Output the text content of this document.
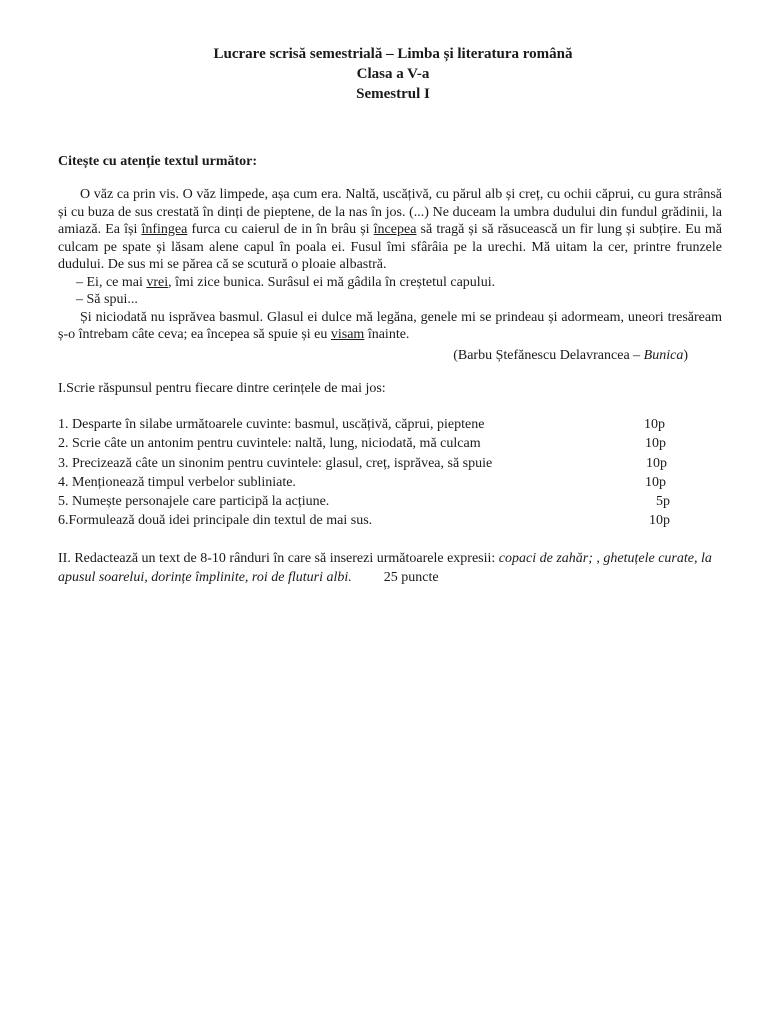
Lucrare scrisă semestrială – Limba și literatura română
Clasa a V-a
Semestrul I
Citește cu atenție textul următor:

O văz ca prin vis. O văz limpede, așa cum era. Naltă, uscățivă, cu părul alb și creț, cu ochii căprui, cu gura strânsă și cu buza de sus crestată în dinți de pieptene, de la nas în jos. (...) Ne duceam la umbra dudului din fundul grădinii, la amiază. Ea își înfingea furca cu caierul de in în brâu și începea să tragă și să răsucească un fir lung și subțire. Eu mă culcam pe spate și lăsam alene capul în poala ei. Fusul îmi sfârâia pe la urechi. Mă uitam la cer, printre frunzele dudului. De sus mi se părea că se scutură o ploaie albastră.

– Ei, ce mai vrei, îmi zice bunica. Surâsul ei mă gâdila în creștetul capului.

– Să spui...

Și niciodată nu isprăvea basmul. Glasul ei dulce mă legăna, genele mi se prindeau și adormeam, uneori tresăream ș-o întrebam câte ceva; ea începea să spuie și eu visam înainte.

(Barbu Ștefănescu Delavrancea – Bunica)

I.Scrie răspunsul pentru fiecare dintre cerințele de mai jos:
1. Desparte în silabe următoarele cuvinte: basmul, uscățivă, căprui, pieptene	10p
2. Scrie câte un antonim pentru cuvintele: naltă, lung, niciodată, mă culcam	10p
3. Precizează câte un sinonim pentru cuvintele: glasul, creț, isprăvea, să spuie	10p
4. Menționează timpul verbelor subliniate.	10p
5. Numește personajele care participă la acțiune.	5p
6.Formulează două idei principale din textul de mai sus.	10p
II. Redactează un text de 8-10 rânduri în care să inserezi următoarele expresii: copaci de zahăr; , ghetuțele curate, la apusul soarelui, dorințe împlinite, roi de fluturi albi. 25 puncte
